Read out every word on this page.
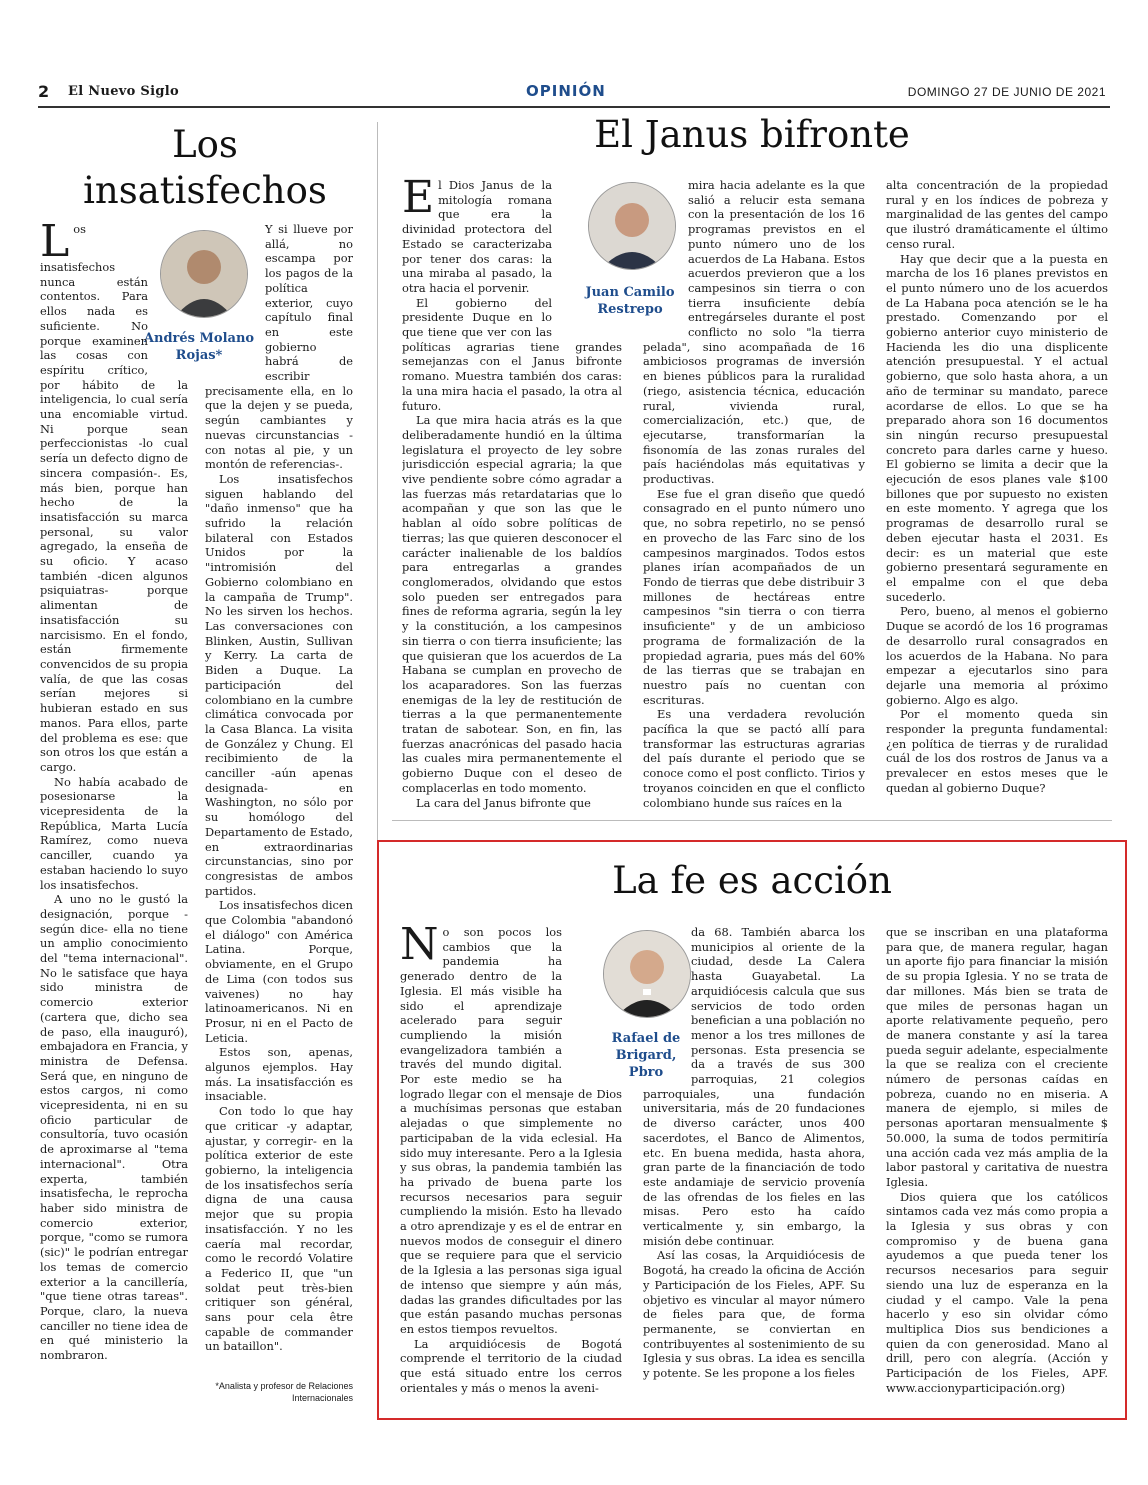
2 El Nuevo Siglo	OPINIÓN	DOMINGO 27 DE JUNIO DE 2021
Los
insatisfechos
Andrés Molano Rojas*
L os insatisfechos nunca están contentos. Para ellos nada es suficiente. No porque examinen las cosas con espíritu crítico, por hábito de la inteligencia, lo cual sería una encomiable virtud. Ni porque sean perfeccionistas -lo cual sería un defecto digno de sincera compasión-. Es, más bien, porque han hecho de la insatisfacción su marca personal, su valor agregado, la enseña de su oficio. Y acaso también -dicen algunos psiquiatras- porque alimentan de insatisfacción su narcisismo. En el fondo, están firmemente convencidos de su propia valía, de que las cosas serían mejores si hubieran estado en sus manos. Para ellos, parte del problema es ese: que son otros los que están a cargo.

No había acabado de posesionarse la vicepresidenta de la República, Marta Lucía Ramírez, como nueva canciller, cuando ya estaban haciendo lo suyo los insatisfechos.

A uno no le gustó la designación, porque -según dice- ella no tiene un amplio conocimiento del "tema internacional". No le satisface que haya sido ministra de comercio exterior (cartera que, dicho sea de paso, ella inauguró), embajadora en Francia, y ministra de Defensa. Será que, en ninguno de estos cargos, ni como vicepresidenta, ni en su oficio particular de consultoría, tuvo ocasión de aproximarse al "tema internacional". Otra experta, también insatisfecha, le reprocha haber sido ministra de comercio exterior, porque, "como se rumora (sic)" le podrían entregar los temas de comercio exterior a la cancillería, "que tiene otras tareas". Porque, claro, la nueva canciller no tiene idea de en qué ministerio la nombraron.

Y si llueve por allá, no escampa por los pagos de la política exterior, cuyo capítulo final en este gobierno habrá de escribir precisamente ella, en lo que la dejen y se pueda, según cambiantes y nuevas circunstancias -con notas al pie, y un montón de referencias-.

Los insatisfechos siguen hablando del "daño inmenso" que ha sufrido la relación bilateral con Estados Unidos por la "intromisión del Gobierno colombiano en la campaña de Trump". No les sirven los hechos. Las conversaciones con Blinken, Austin, Sullivan y Kerry. La carta de Biden a Duque. La participación del colombiano en la cumbre climática convocada por la Casa Blanca. La visita de González y Chung. El recibimiento de la canciller -aún apenas designada- en Washington, no sólo por su homólogo del Departamento de Estado, en extraordinarias circunstancias, sino por congresistas de ambos partidos.

Los insatisfechos dicen que Colombia "abandonó el diálogo" con América Latina. Porque, obviamente, en el Grupo de Lima (con todos sus vaivenes) no hay latinoamericanos. Ni en Prosur, ni en el Pacto de Leticia.

Estos son, apenas, algunos ejemplos. Hay más. La insatisfacción es insaciable.

Con todo lo que hay que criticar -y adaptar, ajustar, y corregir- en la política exterior de este gobierno, la inteligencia de los insatisfechos sería digna de una causa mejor que su propia insatisfacción. Y no les caería mal recordar, como le recordó Volatire a Federico II, que "un soldat peut très-bien critiquer son général, sans pour cela être capable de commander un bataillon".

*Analista y profesor de Relaciones Internacionales
El Janus bifronte
Juan Camilo Restrepo
E l Dios Janus de la mitología romana que era la divinidad protectora del Estado se caracterizaba por tener dos caras: la una miraba al pasado, la otra hacia el porvenir.

El gobierno del presidente Duque en lo que tiene que ver con las políticas agrarias tiene grandes semejanzas con el Janus bifronte romano. Muestra también dos caras: la una mira hacia el pasado, la otra al futuro.

La que mira hacia atrás es la que deliberadamente hundió en la última legislatura el proyecto de ley sobre jurisdicción especial agraria; la que vive pendiente sobre cómo agradar a las fuerzas más retardatarias que lo acompañan y que son las que le hablan al oído sobre políticas de tierras; las que quieren desconocer el carácter inalienable de los baldíos para entregarlas a grandes conglomerados, olvidando que estos solo pueden ser entregados para fines de reforma agraria, según la ley y la constitución, a los campesinos sin tierra o con tierra insuficiente; las que quisieran que los acuerdos de La Habana se cumplan en provecho de los acaparadores. Son las fuerzas enemigas de la ley de restitución de tierras a la que permanentemente tratan de sabotear. Son, en fin, las fuerzas anacrónicas del pasado hacia las cuales mira permanentemente el gobierno Duque con el deseo de complacerlas en todo momento.

La cara del Janus bifronte que

mira hacia adelante es la que salió a relucir esta semana con la presentación de los 16 programas previstos en el punto número uno de los acuerdos de La Habana. Estos acuerdos previeron que a los campesinos sin tierra o con tierra insuficiente debía entregárseles durante el post conflicto no solo "la tierra pelada", sino acompañada de 16 ambiciosos programas de inversión en bienes públicos para la ruralidad (riego, asistencia técnica, educación rural, vivienda rural, comercialización, etc.) que, de ejecutarse, transformarían la fisonomía de las zonas rurales del país haciéndolas más equitativas y productivas.

Ese fue el gran diseño que quedó consagrado en el punto número uno que, no sobra repetirlo, no se pensó en provecho de las Farc sino de los campesinos marginados. Todos estos planes irían acompañados de un Fondo de tierras que debe distribuir 3 millones de hectáreas entre campesinos "sin tierra o con tierra insuficiente" y de un ambicioso programa de formalización de la propiedad agraria, pues más del 60% de las tierras que se trabajan en nuestro país no cuentan con escrituras.

Es una verdadera revolución pacífica la que se pactó allí para transformar las estructuras agrarias del país durante el periodo que se conoce como el post conflicto. Tirios y troyanos coinciden en que el conflicto colombiano hunde sus raíces en la

alta concentración de la propiedad rural y en los índices de pobreza y marginalidad de las gentes del campo que ilustró dramáticamente el último censo rural.

Hay que decir que a la puesta en marcha de los 16 planes previstos en el punto número uno de los acuerdos de La Habana poca atención se le ha prestado. Comenzando por el gobierno anterior cuyo ministerio de Hacienda les dio una displicente atención presupuestal. Y el actual gobierno, que solo hasta ahora, a un año de terminar su mandato, parece acordarse de ellos. Lo que se ha preparado ahora son 16 documentos sin ningún recurso presupuestal concreto para darles carne y hueso. El gobierno se limita a decir que la ejecución de esos planes vale $100 billones que por supuesto no existen en este momento. Y agrega que los programas de desarrollo rural se deben ejecutar hasta el 2031. Es decir: es un material que este gobierno presentará seguramente en el empalme con el que deba sucederlo.

Pero, bueno, al menos el gobierno Duque se acordó de los 16 programas de desarrollo rural consagrados en los acuerdos de la Habana. No para empezar a ejecutarlos sino para dejarle una memoria al próximo gobierno. Algo es algo.

Por el momento queda sin responder la pregunta fundamental: ¿en política de tierras y de ruralidad cuál de los dos rostros de Janus va a prevalecer en estos meses que le quedan al gobierno Duque?

La fe es acción
Rafael de Brigard, Pbro
N o son pocos los cambios que la pandemia ha generado dentro de la Iglesia. El más visible ha sido el aprendizaje acelerado para seguir cumpliendo la misión evangelizadora también a través del mundo digital. Por este medio se ha logrado llegar con el mensaje de Dios a muchísimas personas que estaban alejadas o que simplemente no participaban de la vida eclesial. Ha sido muy interesante. Pero a la Iglesia y sus obras, la pandemia también las ha privado de buena parte los recursos necesarios para seguir cumpliendo la misión. Esto ha llevado a otro aprendizaje y es el de entrar en nuevos modos de conseguir el dinero que se requiere para que el servicio de la Iglesia a las personas siga igual de intenso que siempre y aún más, dadas las grandes dificultades por las que están pasando muchas personas en estos tiempos revueltos.

La arquidiócesis de Bogotá comprende el territorio de la ciudad que está situado entre los cerros orientales y más o menos la aveni-

da 68. También abarca los municipios al oriente de la ciudad, desde La Calera hasta Guayabetal. La arquidiócesis calcula que sus servicios de todo orden benefician a una población no menor a los tres millones de personas. Esta presencia se da a través de sus 300 parroquias, 21 colegios parroquiales, una fundación universitaria, más de 20 fundaciones de diverso carácter, unos 400 sacerdotes, el Banco de Alimentos, etc. En buena medida, hasta ahora, gran parte de la financiación de todo este andamiaje de servicio provenía de las ofrendas de los fieles en las misas. Pero esto ha caído verticalmente y, sin embargo, la misión debe continuar.

Así las cosas, la Arquidiócesis de Bogotá, ha creado la oficina de Acción y Participación de los Fieles, APF. Su objetivo es vincular al mayor número de fieles para que, de forma permanente, se conviertan en contribuyentes al sostenimiento de su Iglesia y sus obras. La idea es sencilla y potente. Se les propone a los fieles

que se inscriban en una plataforma para que, de manera regular, hagan un aporte fijo para financiar la misión de su propia Iglesia. Y no se trata de dar millones. Más bien se trata de que miles de personas hagan un aporte relativamente pequeño, pero de manera constante y así la tarea pueda seguir adelante, especialmente la que se realiza con el creciente número de personas caídas en pobreza, cuando no en miseria. A manera de ejemplo, si miles de personas aportaran mensualmente $ 50.000, la suma de todos permitiría una acción cada vez más amplia de la labor pastoral y caritativa de nuestra Iglesia.

Dios quiera que los católicos sintamos cada vez más como propia a la Iglesia y sus obras y con compromiso y de buena gana ayudemos a que pueda tener los recursos necesarios para seguir siendo una luz de esperanza en la ciudad y el campo. Vale la pena hacerlo y eso sin olvidar cómo multiplica Dios sus bendiciones a quien da con generosidad. Mano al drill, pero con alegría. (Acción y Participación de los Fieles, APF. www.accionyparticipación.org)
